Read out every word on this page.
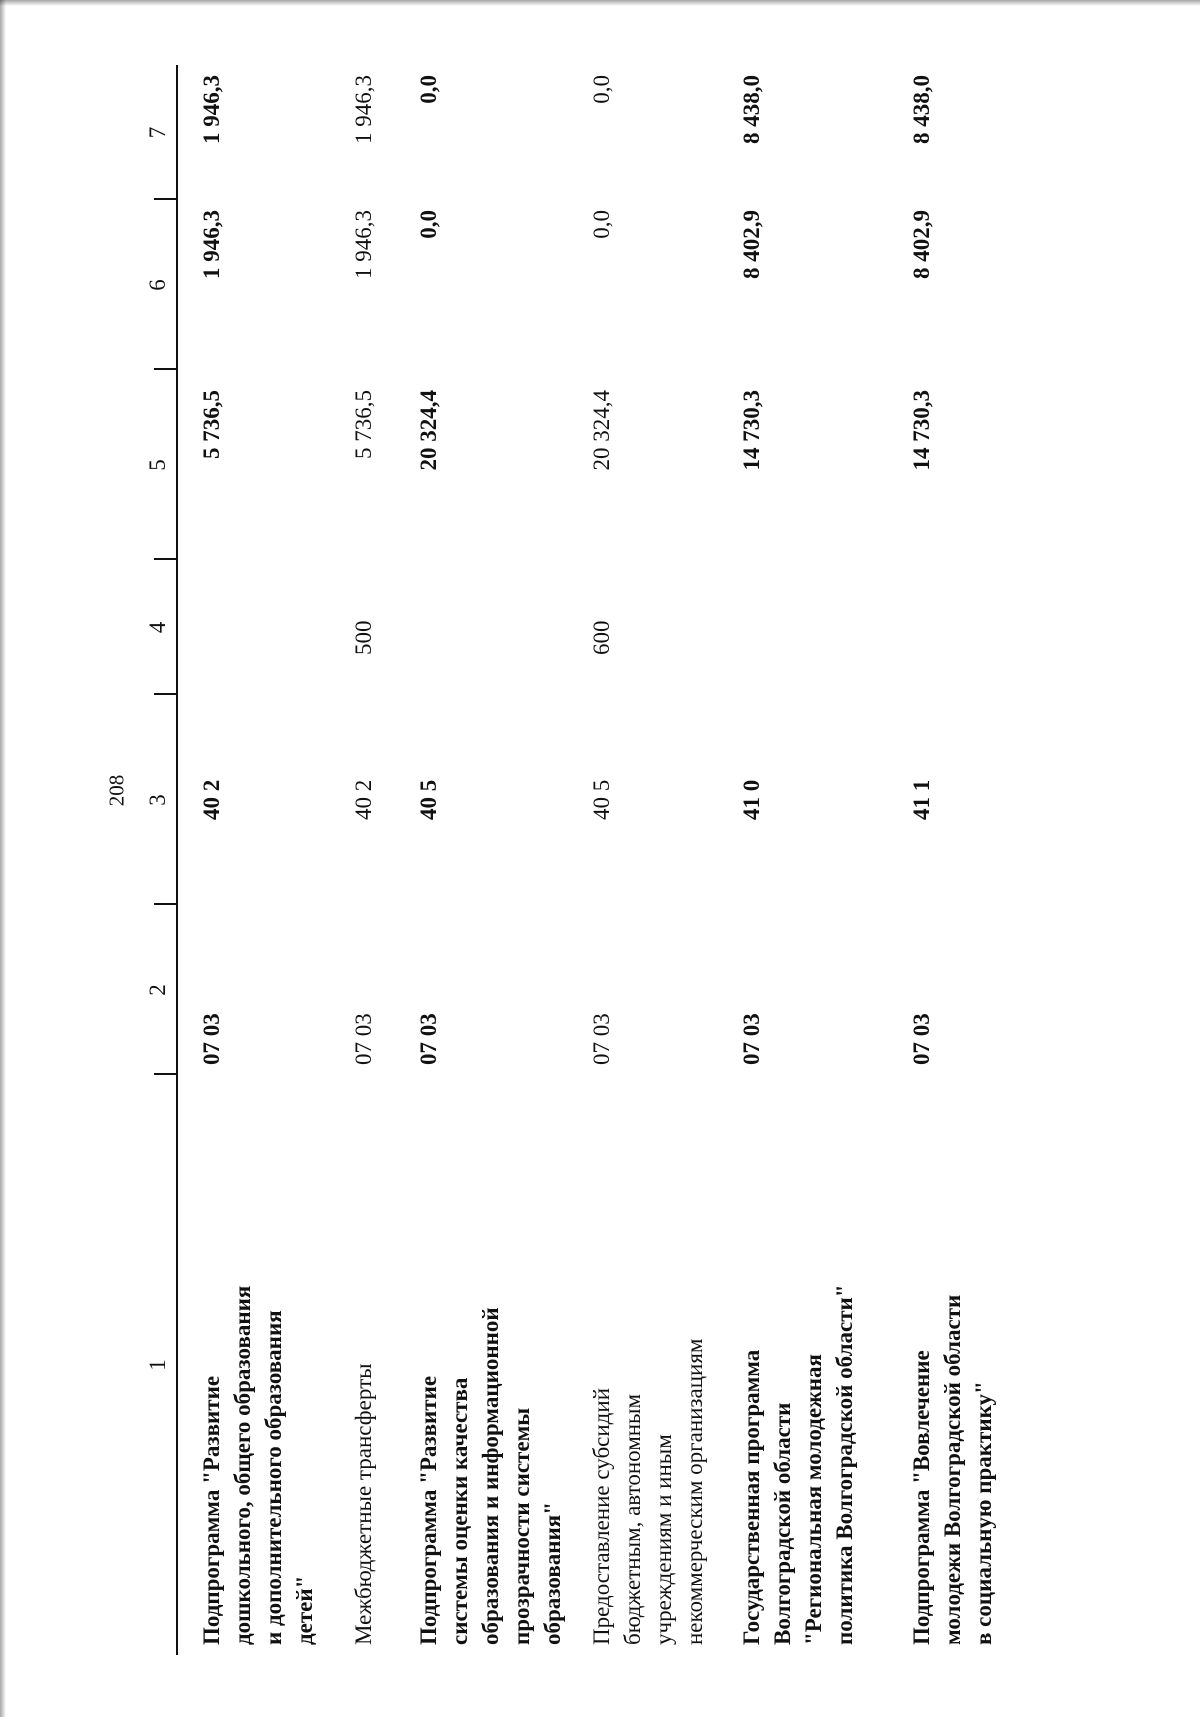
208
1
2
3
4
5
6
7
Подпрограмма "Развитие дошкольного, общего образования и дополнительного образования детей"
07 03
40 2
5 736,5
1 946,3
1 946,3
Межбюджетные трансферты
07 03
40 2
500
5 736,5
1 946,3
1 946,3
Подпрограмма "Развитие системы оценки качества образования и информационной прозрачности системы образования"
07 03
40 5
20 324,4
0,0
0,0
Предоставление субсидий бюджетным, автономным учреждениям и иным некоммерческим организациям
07 03
40 5
600
20 324,4
0,0
0,0
Государственная программа Волгоградской области "Региональная молодежная политика Волгоградской области"
07 03
41 0
14 730,3
8 402,9
8 438,0
Подпрограмма "Вовлечение молодежи Волгоградской области в социальную практику"
07 03
41 1
14 730,3
8 402,9
8 438,0
